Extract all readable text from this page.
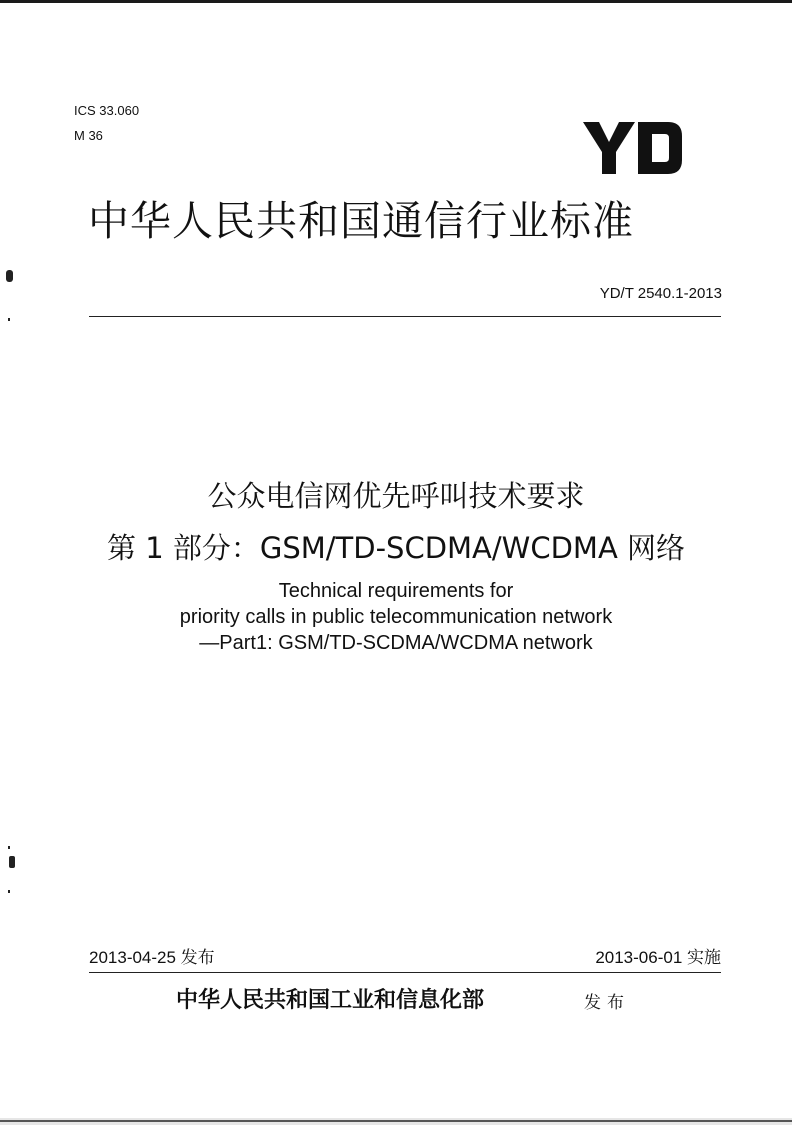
ICS 33.060
M 36
中华人民共和国通信行业标准
YD/T 2540.1-2013
公众电信网优先呼叫技术要求
第 1 部分：GSM/TD-SCDMA/WCDMA 网络
Technical requirements for
priority calls in public telecommunication network
—Part1: GSM/TD-SCDMA/WCDMA network
2013-04-25 发布	2013-06-01 实施
中华人民共和国工业和信息化部	发布
